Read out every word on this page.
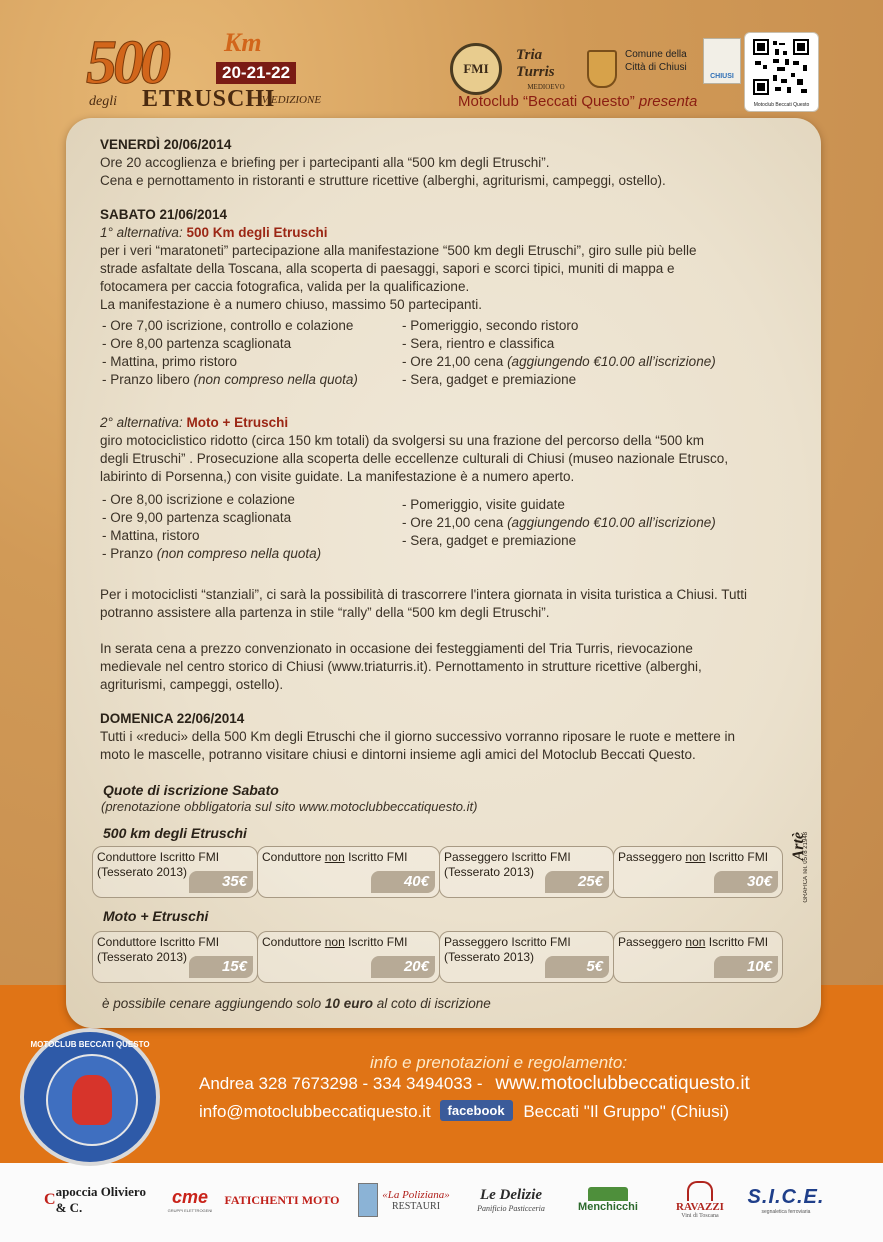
500 Km
20-21-22
degli ETRUSCHI
IV EDIZIONE
FMI
Tria Turris
MEDIOEVO
Comune della
Città di Chiusi
CHIUSI
Motoclub Beccati Questo
Motoclub “Beccati Questo” presenta
VENERDÌ 20/06/2014
Ore 20 accoglienza e briefing per i partecipanti alla “500 km degli Etruschi”.
Cena e pernottamento in ristoranti e strutture ricettive (alberghi, agriturismi, campeggi, ostello).
SABATO 21/06/2014
1° alternativa: 500 Km degli Etruschi
per i veri “maratoneti” partecipazione alla manifestazione “500 km degli Etruschi”, giro sulle più belle
strade asfaltate della Toscana, alla scoperta di paesaggi, sapori e scorci tipici, muniti di mappa e
fotocamera per caccia fotografica, valida per la qualificazione.
La manifestazione è a numero chiuso, massimo 50 partecipanti.
- Ore 7,00 iscrizione, controllo e colazione
- Ore 8,00 partenza scaglionata
- Mattina, primo ristoro
- Pranzo libero (non compreso nella quota)
- Pomeriggio, secondo ristoro
- Sera, rientro e classifica
- Ore 21,00 cena (aggiungendo €10.00 all’iscrizione)
- Sera, gadget e premiazione
2° alternativa: Moto + Etruschi
giro motociclistico ridotto (circa 150 km totali) da svolgersi su una frazione del percorso della “500 km
degli Etruschi” . Prosecuzione alla scoperta delle eccellenze culturali di Chiusi (museo nazionale Etrusco,
labirinto di Porsenna,) con visite guidate. La manifestazione è a numero aperto.
- Ore 8,00 iscrizione e colazione
- Ore 9,00 partenza scaglionata
- Mattina, ristoro
- Pranzo (non compreso nella quota)
- Pomeriggio, visite guidate
- Ore 21,00 cena (aggiungendo €10.00 all’iscrizione)
- Sera, gadget e premiazione
Per i motociclisti “stanziali”, ci sarà la possibilità di trascorrere l'intera giornata in visita turistica a Chiusi. Tutti
potranno assistere alla partenza in stile “rally” della “500 km degli Etruschi”.
In serata cena a prezzo convenzionato in occasione dei festeggiamenti del Tria Turris, rievocazione
medievale nel centro storico di Chiusi (www.triaturris.it). Pernottamento in strutture ricettive (alberghi,
agriturismi, campeggi, ostello).
DOMENICA 22/06/2014
Tutti i «reduci» della 500 Km degli Etruschi che il giorno successivo vorranno riposare le ruote e mettere in
moto le mascelle, potranno visitare chiusi e dintorni insieme agli amici del Motoclub Beccati Questo.
Quote di iscrizione Sabato
(prenotazione obbligatoria sul sito www.motoclubbeccatiquesto.it)
500 km degli Etruschi
Conduttore Iscritto FMI
(Tesserato 2013)
35€
Conduttore non Iscritto FMI
40€
Passeggero Iscritto FMI
(Tesserato 2013)
25€
Passeggero non Iscritto FMI
30€
Moto + Etruschi
Conduttore Iscritto FMI
(Tesserato 2013)
15€
Conduttore non Iscritto FMI
20€
Passeggero Iscritto FMI
(Tesserato 2013)
5€
Passeggero non Iscritto FMI
10€
è possibile cenare aggiungendo solo 10 euro al coto di iscrizione
Artè
GRAFICA Tel. 0578 21948
MOTOCLUB BECCATI QUESTO
info e prenotazioni e regolamento:
Andrea 328 7673298 - 334 3494033 - www.motoclubbeccatiquesto.it
info@motoclubbeccatiquesto.it facebook Beccati "Il Gruppo" (Chiusi)
C apoccia Oliviero & C.
cme
GRUPPI ELETTROGENI
FATICHENTI MOTO	«La Poliziana»
RESTAURI
Le Delizie
Panificio Pasticceria	Menchicchi	RAVAZZI
Vini di Toscana
S.I.C.E.
segnaletica ferroviaria
